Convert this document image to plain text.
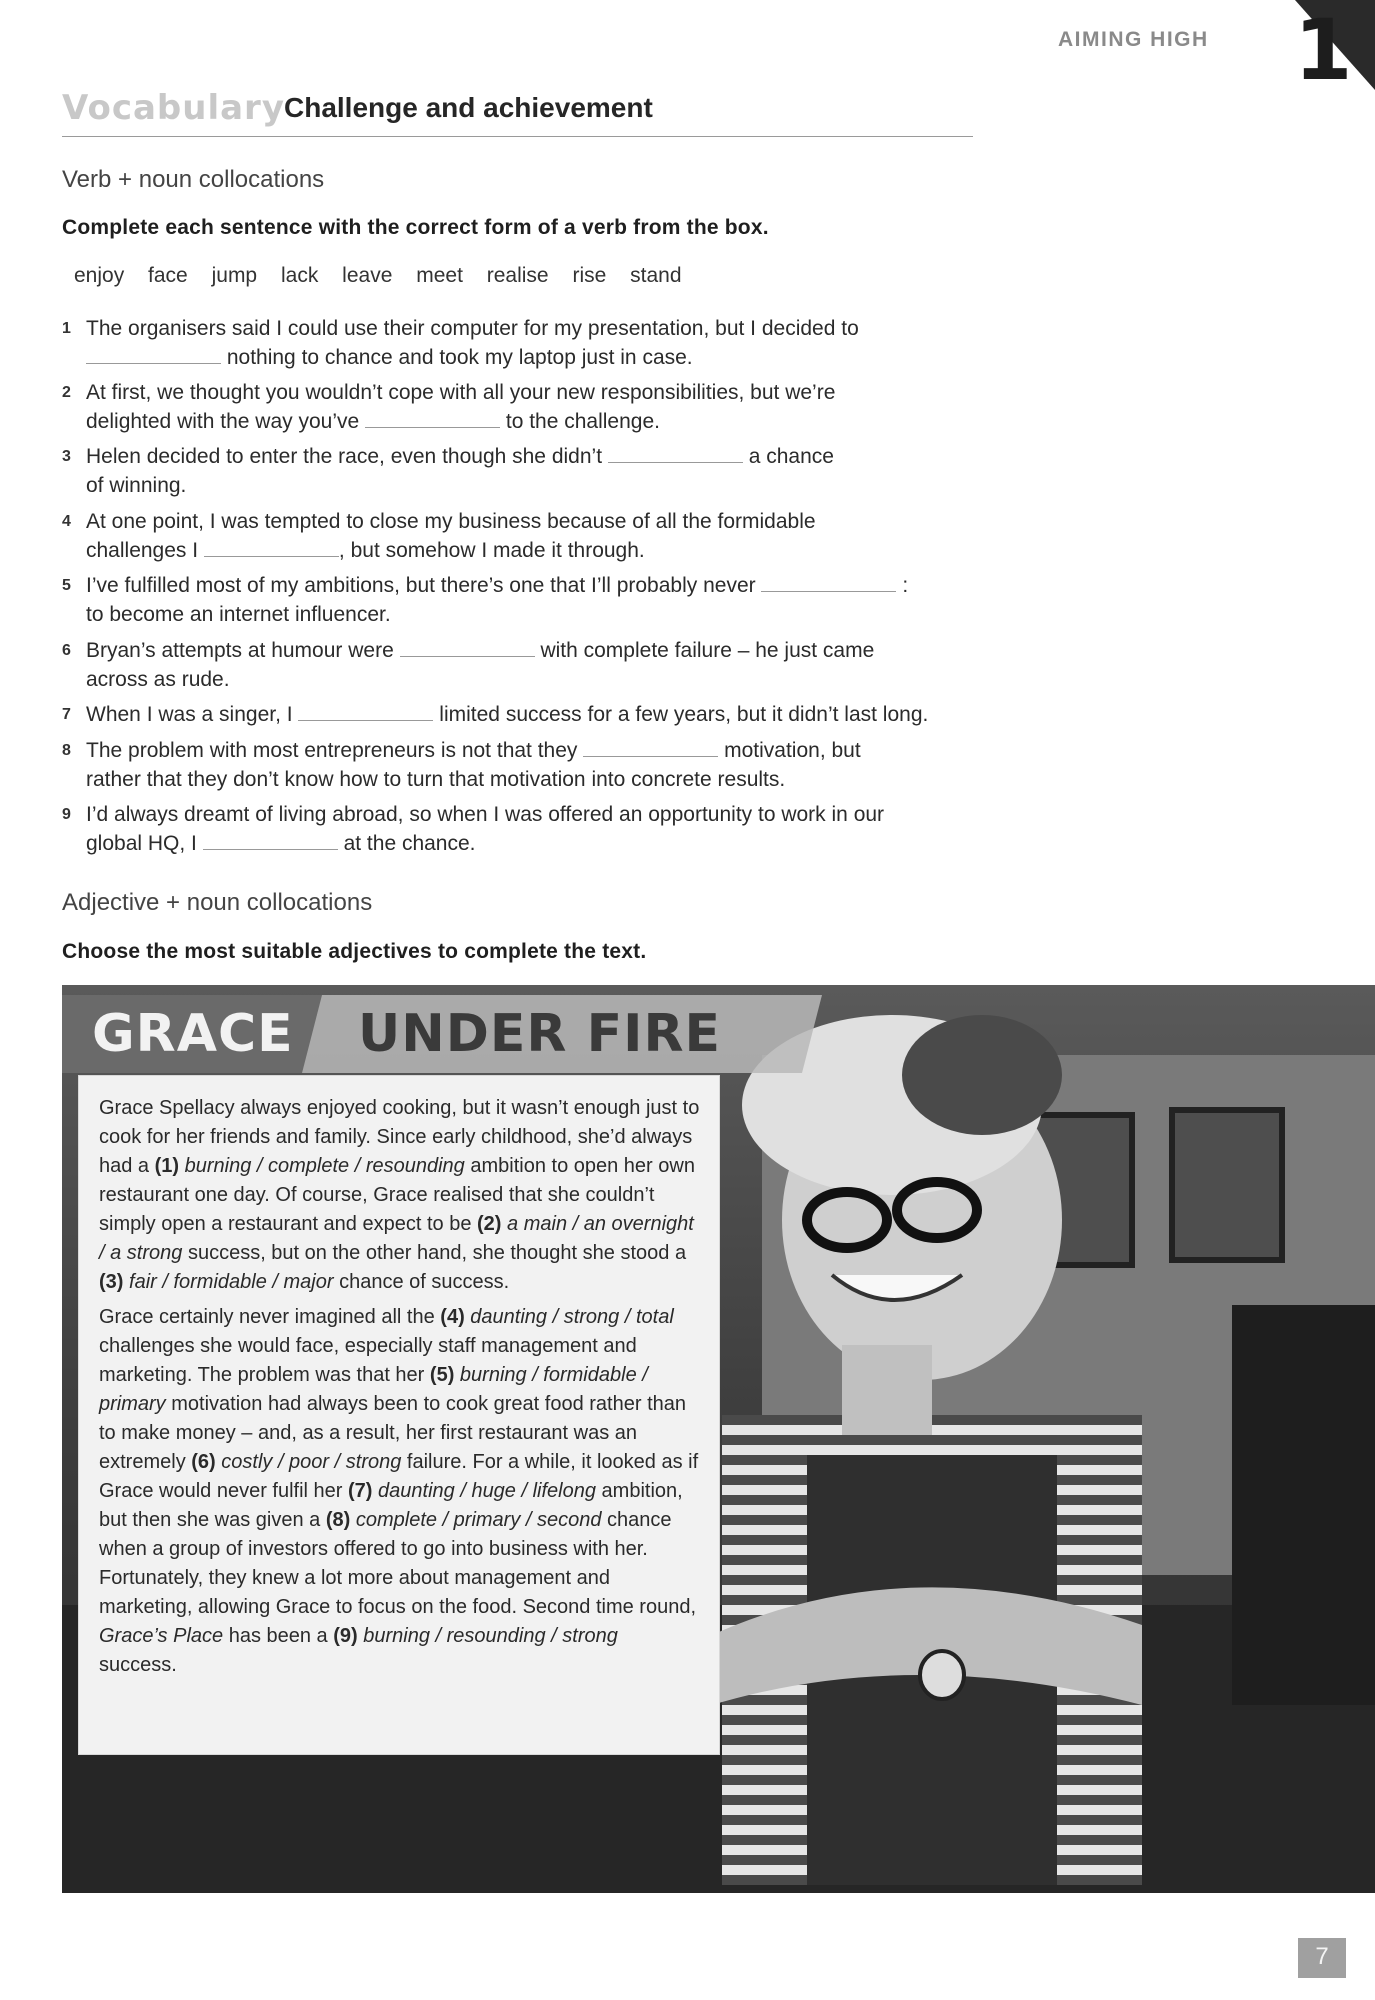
AIMING HIGH 1
Vocabulary Challenge and achievement
Verb + noun collocations
Complete each sentence with the correct form of a verb from the box.
enjoy face jump lack leave meet realise rise stand
1 The organisers said I could use their computer for my presentation, but I decided to
nothing to chance and took my laptop just in case.
2 At first, we thought you wouldn’t cope with all your new responsibilities, but we’re
delighted with the way you’ve	to the challenge.
3 Helen decided to enter the race, even though she didn’t	a chance
of winning.
4 At one point, I was tempted to close my business because of all the formidable
challenges I	, but somehow I made it through.
5 I’ve fulfilled most of my ambitions, but there’s one that I’ll probably never	:
to become an internet influencer.
6 Bryan’s attempts at humour were	with complete failure – he just came
across as rude.
7 When I was a singer, I	limited success for a few years, but it didn’t last long.
8 The problem with most entrepreneurs is not that they	motivation, but
rather that they don’t know how to turn that motivation into concrete results.
9 I’d always dreamt of living abroad, so when I was offered an opportunity to work in our
global HQ, I	at the chance.
Adjective + noun collocations
Choose the most suitable adjectives to complete the text.
GRACE UNDER FIRE

Grace Spellacy always enjoyed cooking, but it wasn’t enough just to cook for her friends and family. Since early childhood, she’d always had a (1) burning / complete / resounding ambition to open her own restaurant one day. Of course, Grace realised that she couldn’t simply open a restaurant and expect to be (2) a main / an overnight / a strong success, but on the other hand, she thought she stood a (3) fair / formidable / major chance of success.

Grace certainly never imagined all the (4) daunting / strong / total challenges she would face, especially staff management and marketing. The problem was that her (5) burning / formidable / primary motivation had always been to cook great food rather than to make money – and, as a result, her first restaurant was an extremely (6) costly / poor / strong failure. For a while, it looked as if Grace would never fulfil her (7) daunting / huge / lifelong ambition, but then she was given a (8) complete / primary / second chance when a group of investors offered to go into business with her. Fortunately, they knew a lot more about management and marketing, allowing Grace to focus on the food. Second time round, Grace’s Place has been a (9) burning / resounding / strong success.

7
